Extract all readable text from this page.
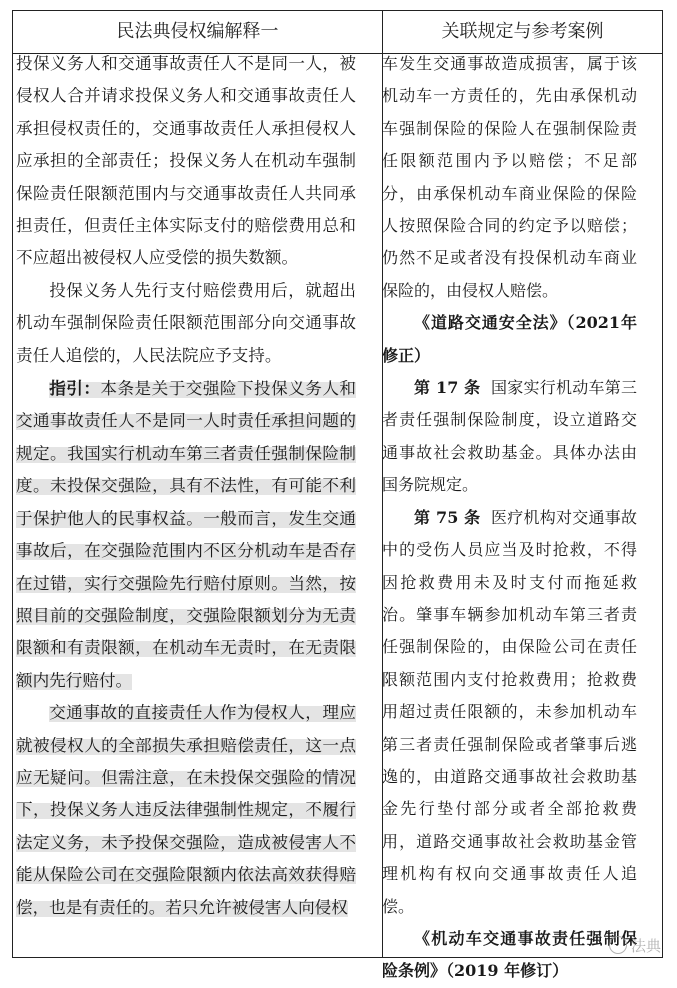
民法典侵权编解释一	关联规定与参考案例

投保义务人和交通事故责任人不是同一人，被侵权人合并请求投保义务人和交通事故责任人承担侵权责任的，交通事故责任人承担侵权人应承担的全部责任；投保义务人在机动车强制保险责任限额范围内与交通事故责任人共同承担责任，但责任主体实际支付的赔偿费用总和不应超出被侵权人应受偿的损失数额。

投保义务人先行支付赔偿费用后，就超出机动车强制保险责任限额范围部分向交通事故责任人追偿的，人民法院应予支持。

指引：本条是关于交强险下投保义务人和交通事故责任人不是同一人时责任承担问题的规定。我国实行机动车第三者责任强制保险制度。未投保交强险，具有不法性，有可能不利于保护他人的民事权益。一般而言，发生交通事故后，在交强险范围内不区分机动车是否存在过错，实行交强险先行赔付原则。当然，按照目前的交强险制度，交强险限额划分为无责限额和有责限额，在机动车无责时，在无责限额内先行赔付。

交通事故的直接责任人作为侵权人，理应就被侵权人的全部损失承担赔偿责任，这一点应无疑问。但需注意，在未投保交强险的情况下，投保义务人违反法律强制性规定，不履行法定义务，未予投保交强险，造成被侵害人不能从保险公司在交强险限额内依法高效获得赔偿，也是有责任的。若只允许被侵害人向侵权

车发生交通事故造成损害，属于该机动车一方责任的，先由承保机动车强制保险的保险人在强制保险责任限额范围内予以赔偿；不足部分，由承保机动车商业保险的保险人按照保险合同的约定予以赔偿；仍然不足或者没有投保机动车商业保险的，由侵权人赔偿。

《道路交通安全法》（2021年修正）

第 17 条 国家实行机动车第三者责任强制保险制度，设立道路交通事故社会救助基金。具体办法由国务院规定。

第 75 条 医疗机构对交通事故中的受伤人员应当及时抢救，不得因抢救费用未及时支付而拖延救治。肇事车辆参加机动车第三者责任强制保险的，由保险公司在责任限额范围内支付抢救费用；抢救费用超过责任限额的，未参加机动车第三者责任强制保险或者肇事后逃逸的，由道路交通事故社会救助基金先行垫付部分或者全部抢救费用，道路交通事故社会救助基金管理机构有权向交通事故责任人追偿。

《机动车交通事故责任强制保险条例》（2019 年修订）

法典
